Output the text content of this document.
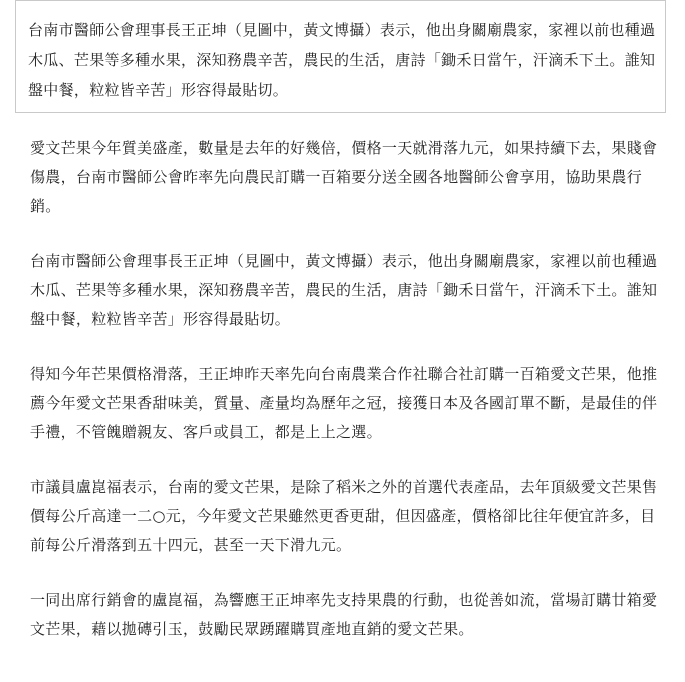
台南市醫師公會理事長王正坤（見圖中，黃文博攝）表示，他出身關廟農家，家裡以前也種過木瓜、芒果等多種水果，深知務農辛苦，農民的生活，唐詩「鋤禾日當午，汗滴禾下土。誰知盤中餐，粒粒皆辛苦」形容得最貼切。

愛文芒果今年質美盛產，數量是去年的好幾倍，價格一天就滑落九元，如果持續下去，果賤會傷農，台南市醫師公會昨率先向農民訂購一百箱要分送全國各地醫師公會享用，協助果農行銷。

台南市醫師公會理事長王正坤（見圖中，黃文博攝）表示，他出身關廟農家，家裡以前也種過木瓜、芒果等多種水果，深知務農辛苦，農民的生活，唐詩「鋤禾日當午，汗滴禾下土。誰知盤中餐，粒粒皆辛苦」形容得最貼切。

得知今年芒果價格滑落，王正坤昨天率先向台南農業合作社聯合社訂購一百箱愛文芒果，他推薦今年愛文芒果香甜味美，質量、產量均為歷年之冠，接獲日本及各國訂單不斷，是最佳的伴手禮，不管餽贈親友、客戶或員工，都是上上之選。

市議員盧崑福表示，台南的愛文芒果，是除了稻米之外的首選代表產品，去年頂級愛文芒果售價每公斤高達一二○元，今年愛文芒果雖然更香更甜，但因盛產，價格卻比往年便宜許多，目前每公斤滑落到五十四元，甚至一天下滑九元。

一同出席行銷會的盧崑福，為響應王正坤率先支持果農的行動，也從善如流，當場訂購廿箱愛文芒果，藉以拋磚引玉，鼓勵民眾踴躍購買產地直銷的愛文芒果。
